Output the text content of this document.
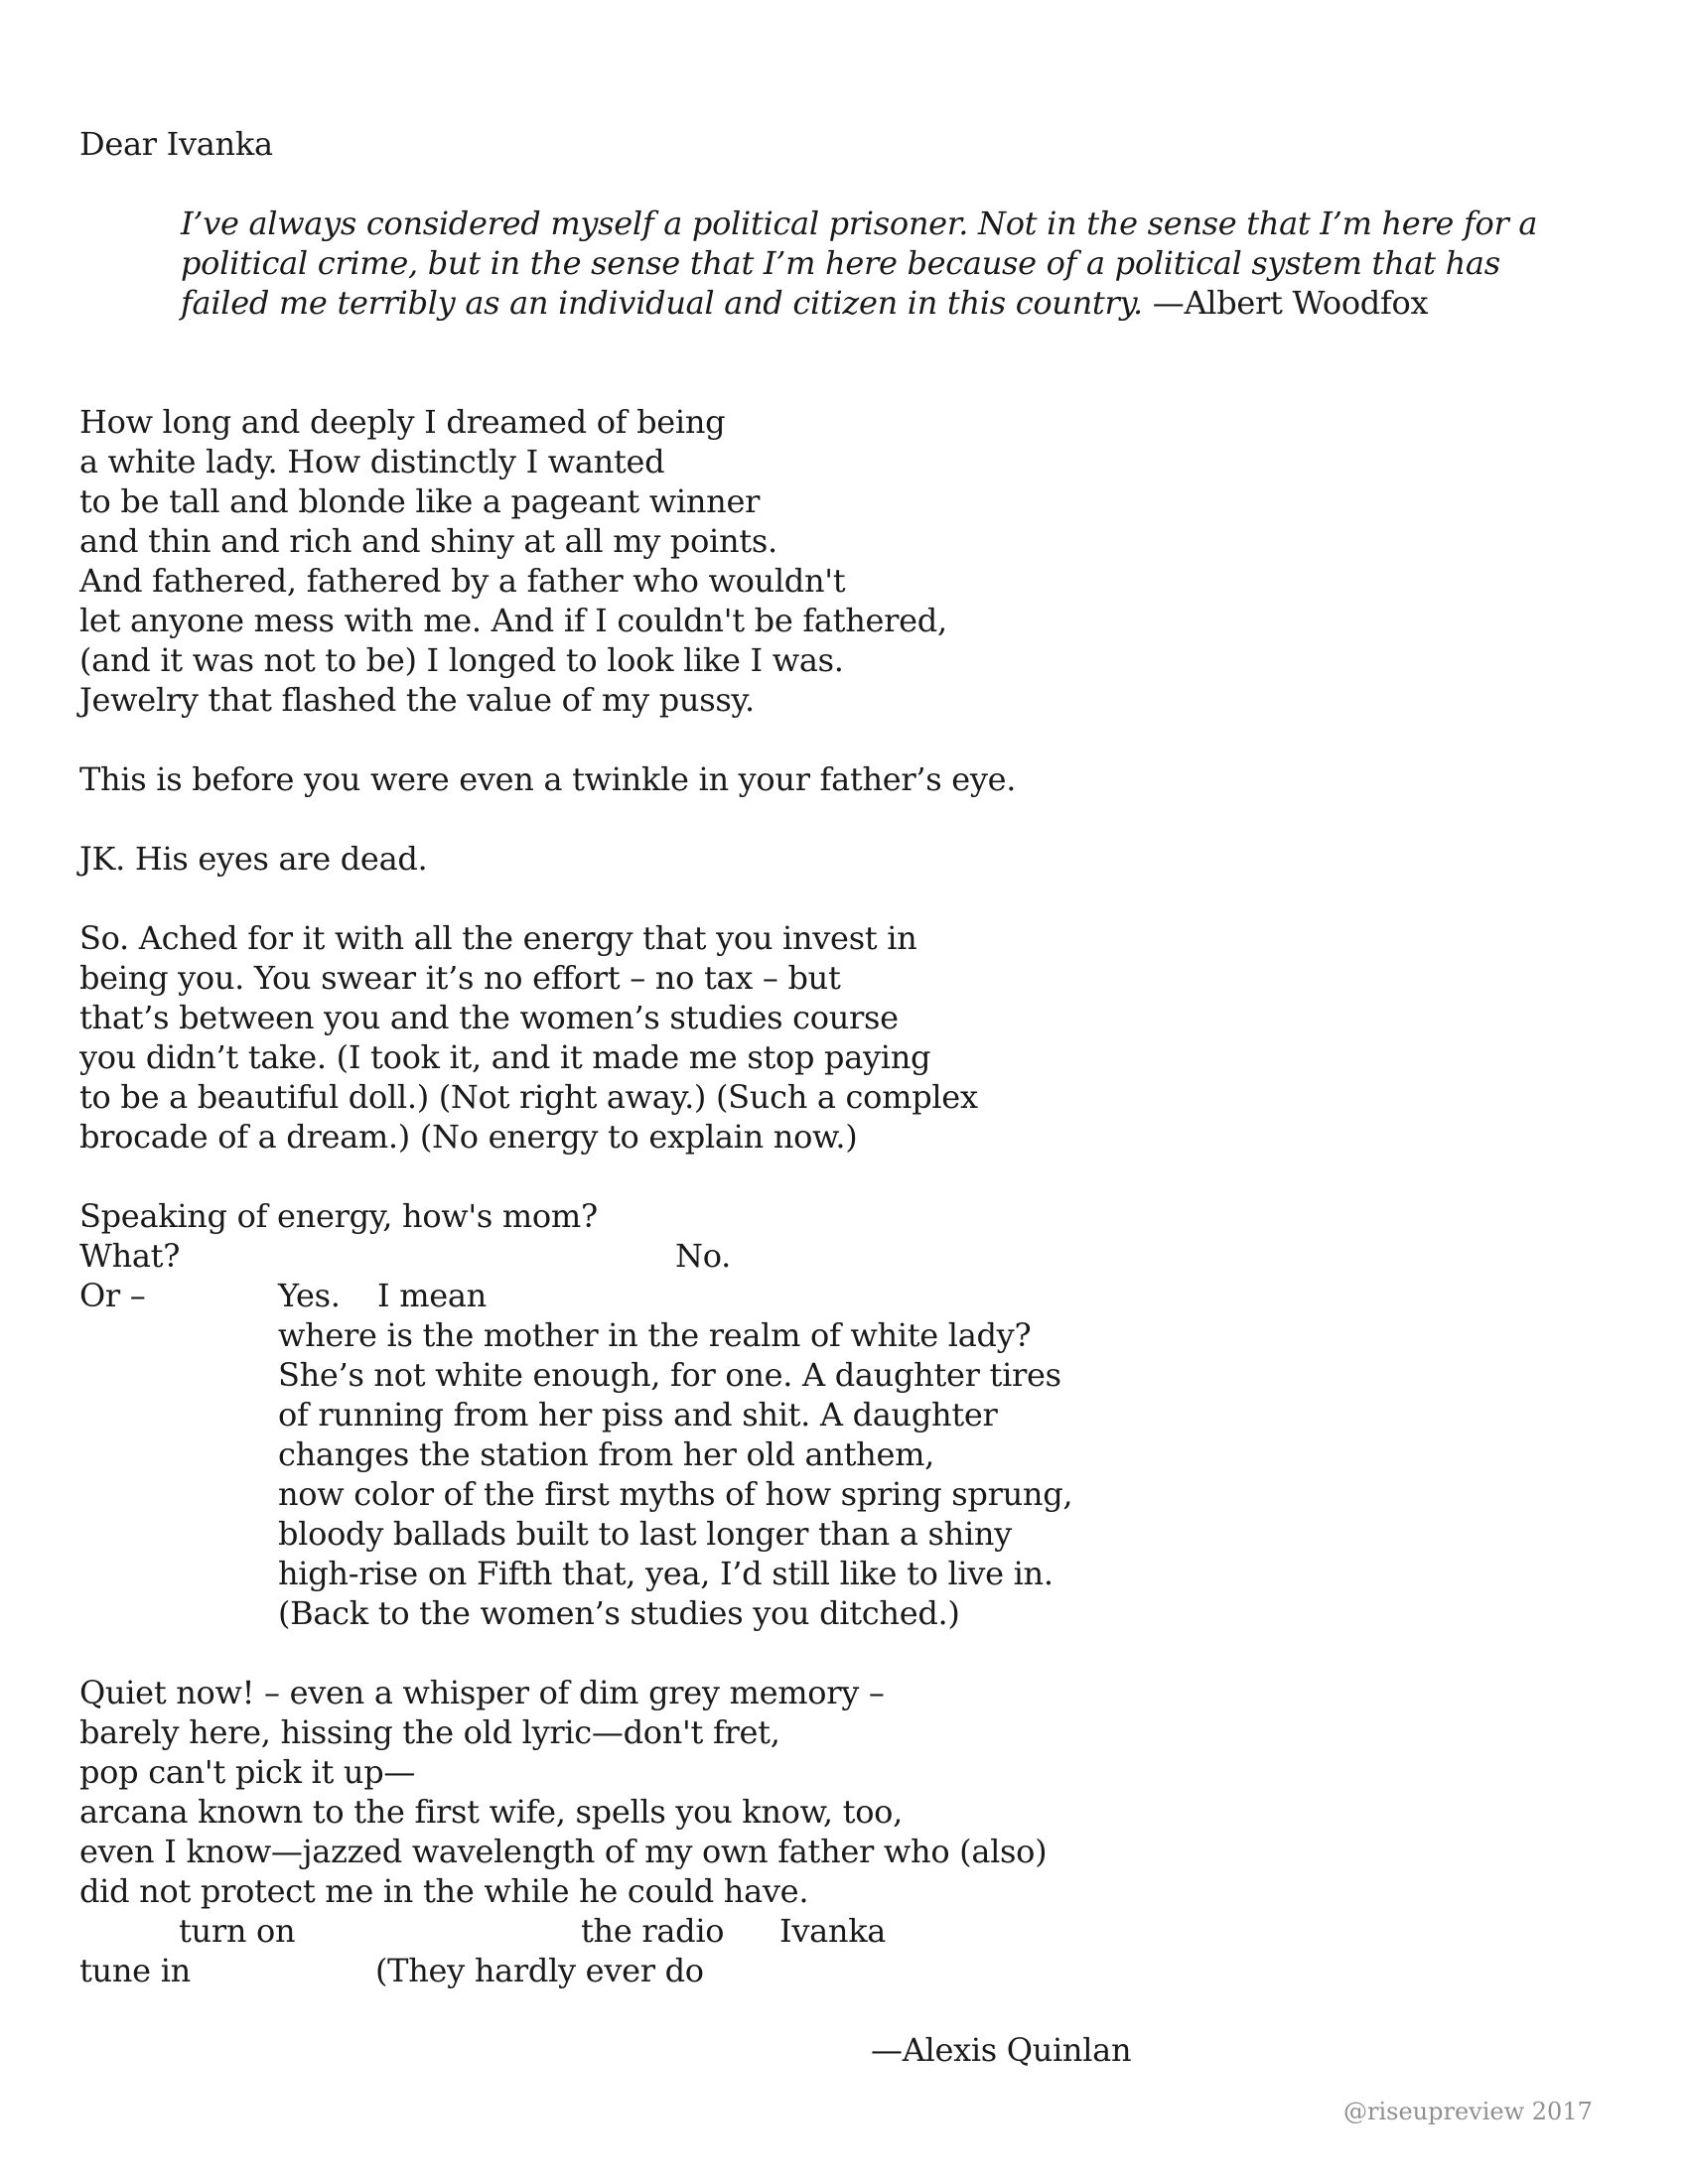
Dear Ivanka
I’ve always considered myself a political prisoner. Not in the sense that I’m here for a
political crime, but in the sense that I’m here because of a political system that has
failed me terribly as an individual and citizen in this country. —Albert Woodfox
How long and deeply I dreamed of being
a white lady. How distinctly I wanted
to be tall and blonde like a pageant winner
and thin and rich and shiny at all my points.
And fathered, fathered by a father who wouldn't
let anyone mess with me. And if I couldn't be fathered,
(and it was not to be) I longed to look like I was.
Jewelry that flashed the value of my pussy.
This is before you were even a twinkle in your father’s eye.
JK. His eyes are dead.
So. Ached for it with all the energy that you invest in
being you. You swear it’s no effort – no tax – but
that’s between you and the women’s studies course
you didn’t take. (I took it, and it made me stop paying
to be a beautiful doll.) (Not right away.) (Such a complex
brocade of a dream.) (No energy to explain now.)
Speaking of energy, how's mom?
What?	No.
Or –	Yes. I mean
where is the mother in the realm of white lady?
She’s not white enough, for one. A daughter tires
of running from her piss and shit. A daughter
changes the station from her old anthem,
now color of the first myths of how spring sprung,
bloody ballads built to last longer than a shiny
high-rise on Fifth that, yea, I’d still like to live in.
(Back to the women’s studies you ditched.)
Quiet now! – even a whisper of dim grey memory –
barely here, hissing the old lyric—don't fret,
pop can't pick it up—
arcana known to the first wife, spells you know, too,
even I know—jazzed wavelength of my own father who (also)
did not protect me in the while he could have.
turn on	the radio Ivanka
tune in	(They hardly ever do
—Alexis Quinlan
@riseupreview 2017
